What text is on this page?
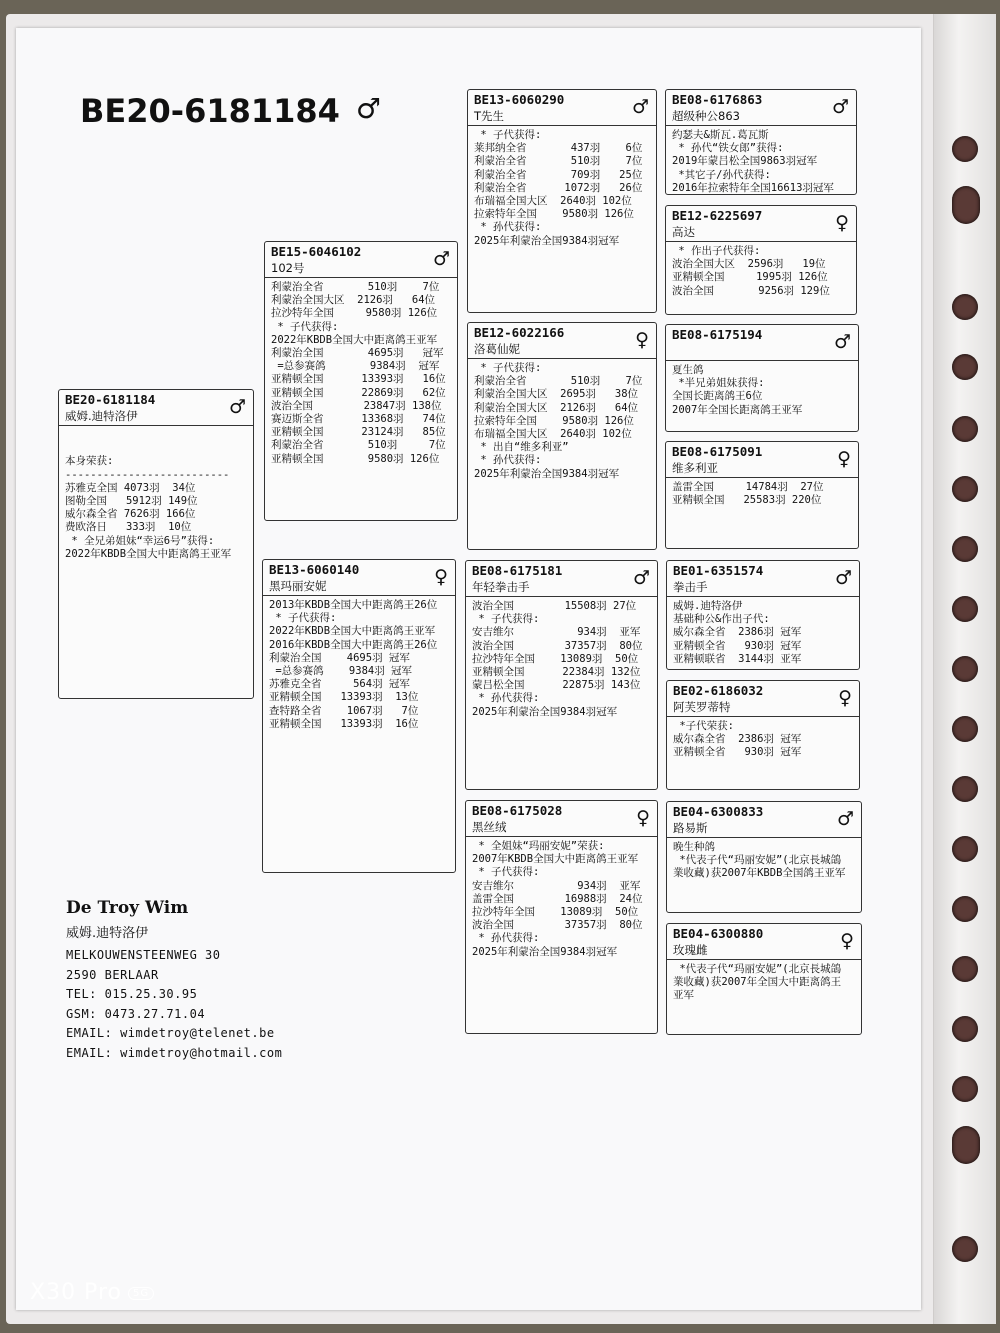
BE20-6181184 ♂
BE20-6181184
威姆.迪特洛伊	♂

本身荣获:
--------------------------
苏雅克全国 4073羽  34位
图勒全国   5912羽 149位
威尔森全省 7626羽 166位
费欧洛日   333羽  10位
* 全兄弟姐妹“幸运6号”获得:
2022年KBDB全国大中距离鸽王亚军
BE15-6046102
102号	♂
利蒙治全省       510羽    7位
利蒙治全国大区  2126羽   64位
拉沙特年全国     9580羽 126位
* 子代获得:
2022年KBDB全国大中距离鸽王亚军
利蒙治全国       4695羽   冠军
=总参赛鸽       9384羽  冠军
亚精顿全国      13393羽   16位
亚精顿全国      22869羽   62位
波治全国        23847羽 138位
赛迈斯全省      13368羽   74位
亚精顿全国      23124羽   85位
利蒙治全省       510羽     7位
亚精顿全国       9580羽 126位
BE13-6060140
黑玛丽安妮	♀
2013年KBDB全国大中距离鸽王26位
* 子代获得:
2022年KBDB全国大中距离鸽王亚军
2016年KBDB全国大中距离鸽王26位
利蒙治全国    4695羽 冠军
=总参赛鸽    9384羽 冠军
苏雅克全省     564羽 冠军
亚精顿全国   13393羽  13位
查特路全省    1067羽   7位
亚精顿全国   13393羽  16位
BE13-6060290
T先生	♂
* 子代获得:
莱邦纳全省       437羽    6位
利蒙治全省       510羽    7位
利蒙治全省       709羽   25位
利蒙治全省      1072羽   26位
布瑞福全国大区  2640羽 102位
拉索特年全国    9580羽 126位
* 孙代获得:
2025年利蒙治全国9384羽冠军
BE12-6022166
洛葛仙妮	♀
* 子代获得:
利蒙治全省       510羽    7位
利蒙治全国大区  2695羽   38位
利蒙治全国大区  2126羽   64位
拉索特年全国    9580羽 126位
布瑞福全国大区  2640羽 102位
* 出自“维多利亚”
* 孙代获得:
2025年利蒙治全国9384羽冠军
BE08-6175181
年轻拳击手	♂
波治全国        15508羽 27位
* 子代获得:
安吉维尔          934羽  亚军
波治全国        37357羽  80位
拉沙特年全国    13089羽  50位
亚精顿全国      22384羽 132位
蒙吕松全国      22875羽 143位
* 孙代获得:
2025年利蒙治全国9384羽冠军
BE08-6175028
黑丝绒	♀
* 全姐妹“玛丽安妮”荣获:
2007年KBDB全国大中距离鸽王亚军
* 子代获得:
安吉维尔          934羽  亚军
盖雷全国        16988羽  24位
拉沙特年全国    13089羽  50位
波治全国        37357羽  80位
* 孙代获得:
2025年利蒙治全国9384羽冠军
BE08-6176863
超级种公863	♂
约瑟夫&斯瓦.葛瓦斯
* 孙代“铁女郎”获得:
2019年蒙吕松全国9863羽冠军
*其它子/孙代获得:
2016年拉索特年全国16613羽冠军
BE12-6225697
高达	♀
* 作出子代获得:
波治全国大区  2596羽   19位
亚精顿全国     1995羽 126位
波治全国       9256羽 129位
BE08-6175194	♂
夏生鸽
*半兄弟姐妹获得:
全国长距离鸽王6位
2007年全国长距离鸽王亚军
BE08-6175091
维多利亚	♀
盖雷全国     14784羽  27位
亚精顿全国   25583羽 220位
BE01-6351574
拳击手	♂
威姆.迪特洛伊
基础种公&作出子代:
威尔森全省  2386羽 冠军
亚精顿全省   930羽 冠军
亚精顿联省  3144羽 亚军
BE02-6186032
阿芙罗蒂特	♀
*子代荣获:
威尔森全省  2386羽 冠军
亚精顿全省   930羽 冠军
BE04-6300833
路易斯	♂
晚生种鸽
*代表子代“玛丽安妮”(北京長城鴿
業收藏)获2007年KBDB全国鸽王亚军
BE04-6300880
玫瑰雌	♀
*代表子代“玛丽安妮”(北京長城鴿
業收藏)获2007年全国大中距离鸽王
亚军
De Troy Wim
威姆.迪特洛伊
MELKOUWENSTEENWEG 30
2590 BERLAAR
TEL: 015.25.30.95
GSM: 0473.27.71.04
EMAIL: wimdetroy@telenet.be
EMAIL: wimdetroy@hotmail.com
X30 Pro 5G
